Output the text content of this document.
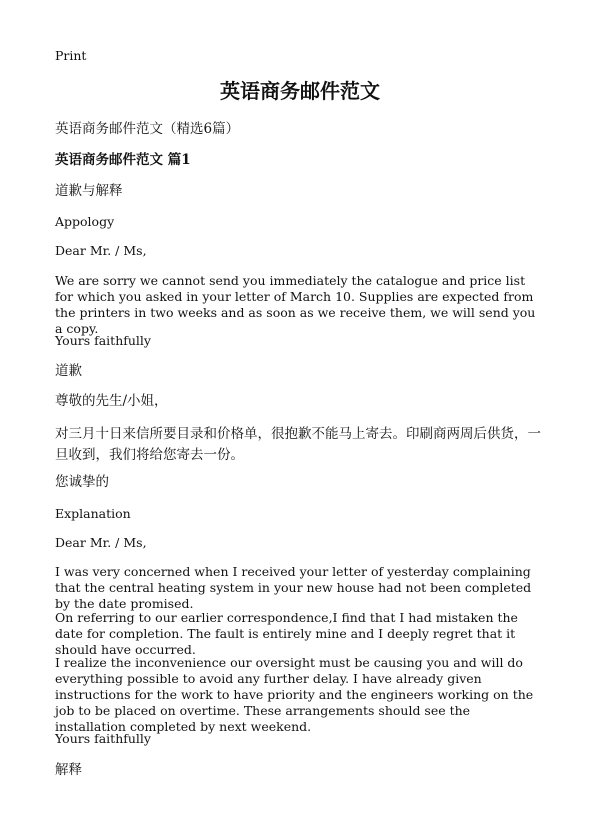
Print
英语商务邮件范文
英语商务邮件范文（精选6篇）
英语商务邮件范文 篇1
道歉与解释
Appology
Dear Mr. / Ms,
We are sorry we cannot send you immediately the catalogue and price list for which you asked in your letter of March 10. Supplies are expected from the printers in two weeks and as soon as we receive them, we will send you a copy.
Yours faithfully
道歉
尊敬的先生/小姐，
对三月十日来信所要目录和价格单，很抱歉不能马上寄去。印刷商两周后供货，一旦收到，我们将给您寄去一份。
您诚挚的
Explanation
Dear Mr. / Ms,
I was very concerned when I received your letter of yesterday complaining that the central heating system in your new house had not been completed by the date promised.
On referring to our earlier correspondence,I find that I had mistaken the date for completion. The fault is entirely mine and I deeply regret that it should have occurred.
I realize the inconvenience our oversight must be causing you and will do everything possible to avoid any further delay. I have already given instructions for the work to have priority and the engineers working on the job to be placed on overtime. These arrangements should see the installation completed by next weekend.
Yours faithfully
解释
